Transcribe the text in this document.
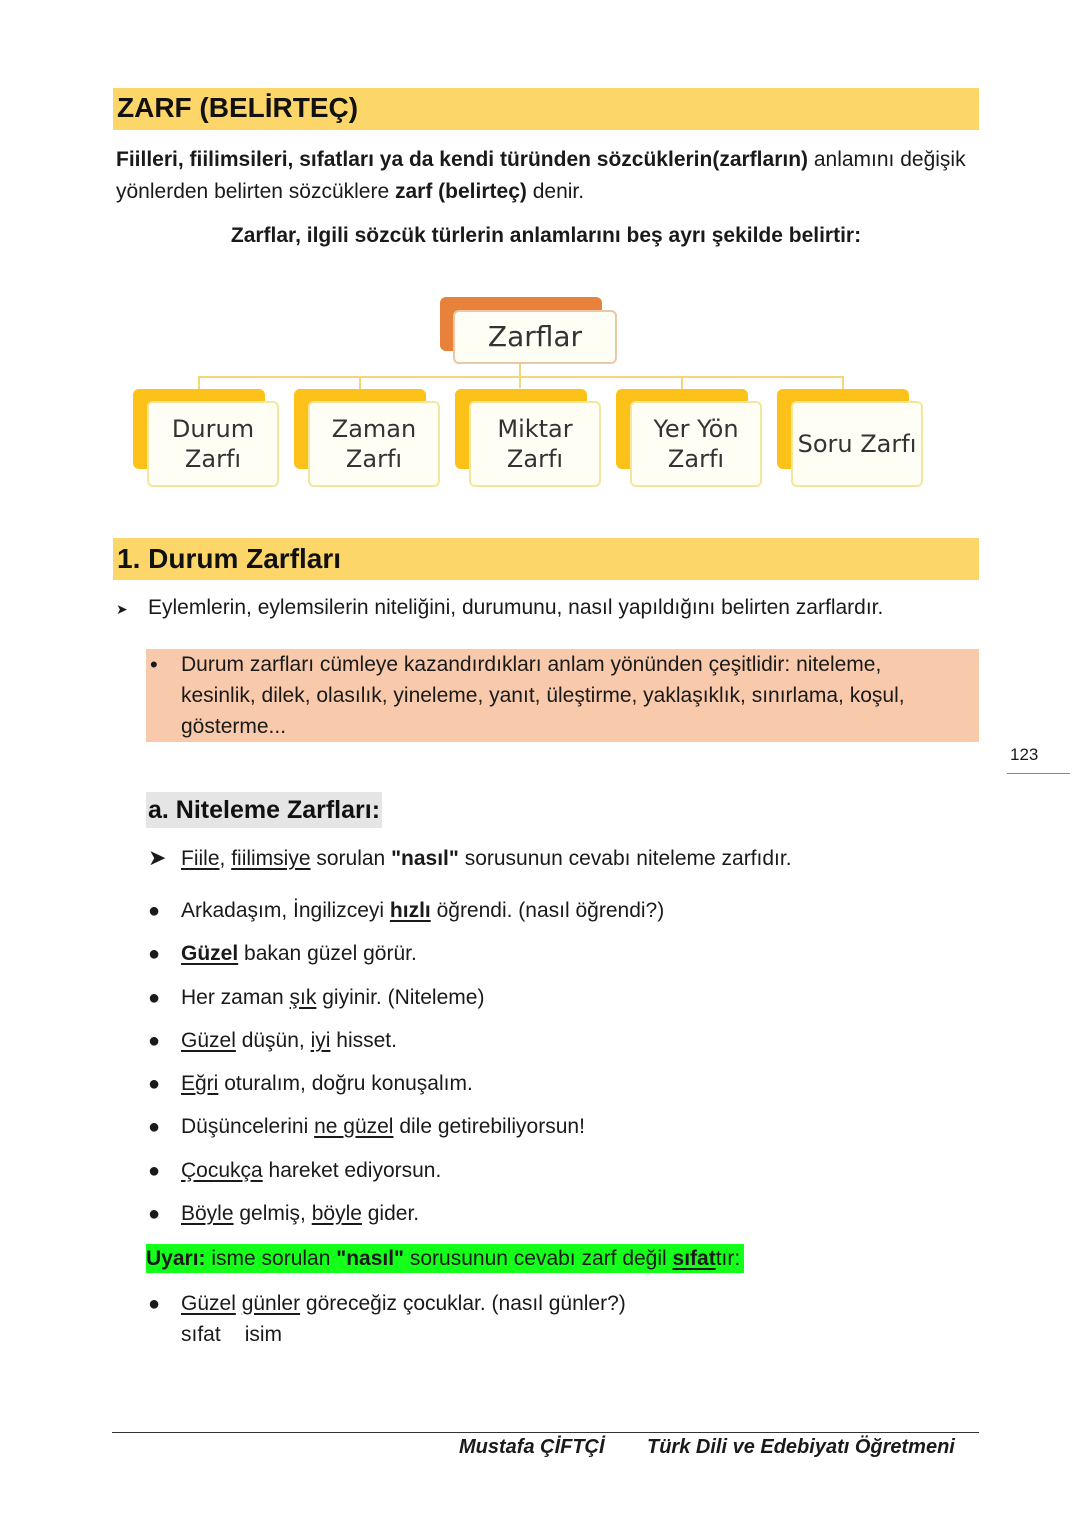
ZARF (BELİRTEÇ)
Fiilleri, fiilimsileri, sıfatları ya da kendi türünden sözcüklerin(zarfların) anlamını değişik yönlerden belirten sözcüklere zarf (belirteç) denir.
Zarflar, ilgili sözcük türlerin anlamlarını beş ayrı şekilde belirtir:
Zarflar
Durum
Zarfı
Zaman
Zarfı
Miktar
Zarfı
Yer Yön
Zarfı
Soru Zarfı
1. Durum Zarfları
➤ Eylemlerin, eylemsilerin niteliğini, durumunu, nasıl yapıldığını belirten zarflardır.
• Durum zarfları cümleye kazandırdıkları anlam yönünden çeşitlidir: niteleme, kesinlik, dilek, olasılık, yineleme, yanıt, üleştirme, yaklaşıklık, sınırlama, koşul, gösterme...
123
a. Niteleme Zarfları:
➤ Fiile, fiilimsiye sorulan "nasıl" sorusunun cevabı niteleme zarfıdır.
● Arkadaşım, İngilizceyi hızlı öğrendi. (nasıl öğrendi?)
● Güzel bakan güzel görür.
● Her zaman şık giyinir. (Niteleme)
● Güzel düşün, iyi hisset.
● Eğri oturalım, doğru konuşalım.
● Düşüncelerini ne güzel dile getirebiliyorsun!
● Çocukça hareket ediyorsun.
● Böyle gelmiş, böyle gider.
Uyarı: isme sorulan "nasıl" sorusunun cevabı zarf değil sıfattır:
● Güzel günler göreceğiz çocuklar. (nasıl günler?)
sıfat isim
Mustafa ÇİFTÇİ Türk Dili ve Edebiyatı Öğretmeni
